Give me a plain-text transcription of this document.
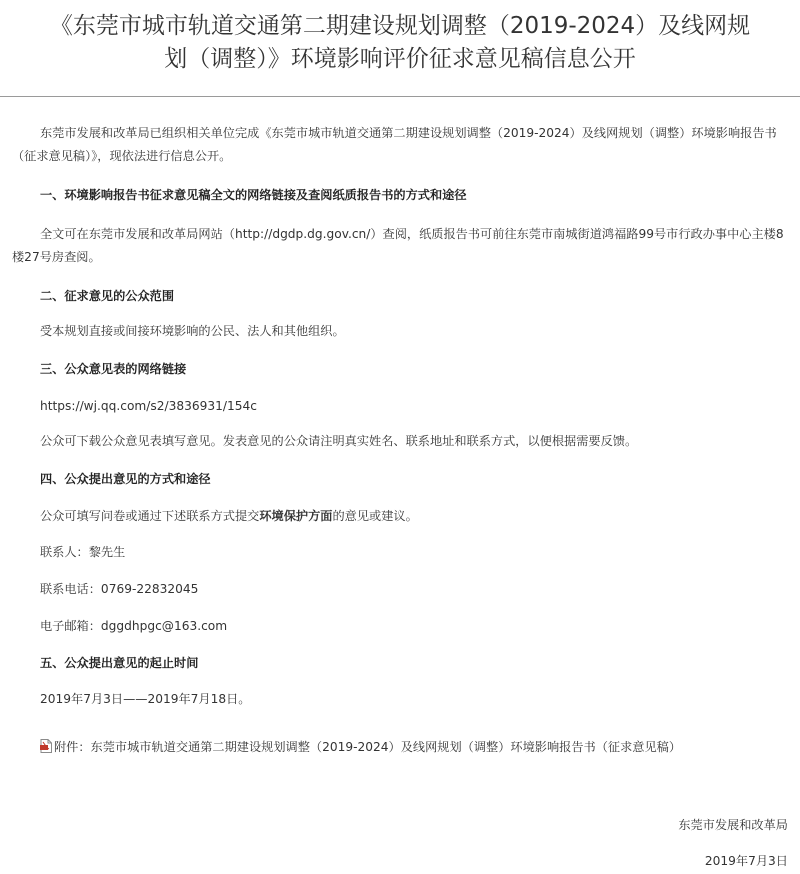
《东莞市城市轨道交通第二期建设规划调整（2019-2024）及线网规
划（调整）》环境影响评价征求意见稿信息公开
东莞市发展和改革局已组织相关单位完成《东莞市城市轨道交通第二期建设规划调整（2019-2024）及线网规划（调整）环境影响报告书
（征求意见稿）》，现依法进行信息公开。
一、环境影响报告书征求意见稿全文的网络链接及查阅纸质报告书的方式和途径
全文可在东莞市发展和改革局网站（http://dgdp.dg.gov.cn/）查阅，纸质报告书可前往东莞市南城街道鸿福路99号市行政办事中心主楼8
楼27号房查阅。
二、征求意见的公众范围
受本规划直接或间接环境影响的公民、法人和其他组织。
三、公众意见表的网络链接
https://wj.qq.com/s2/3836931/154c
公众可下载公众意见表填写意见。发表意见的公众请注明真实姓名、联系地址和联系方式，以便根据需要反馈。
四、公众提出意见的方式和途径
公众可填写问卷或通过下述联系方式提交环境保护方面的意见或建议。
联系人：黎先生
联系电话：0769-22832045
电子邮箱：dggdhpgc@163.com
五、公众提出意见的起止时间
2019年7月3日——2019年7月18日。
附件：东莞市城市轨道交通第二期建设规划调整（2019-2024）及线网规划（调整）环境影响报告书（征求意见稿）
东莞市发展和改革局
2019年7月3日
